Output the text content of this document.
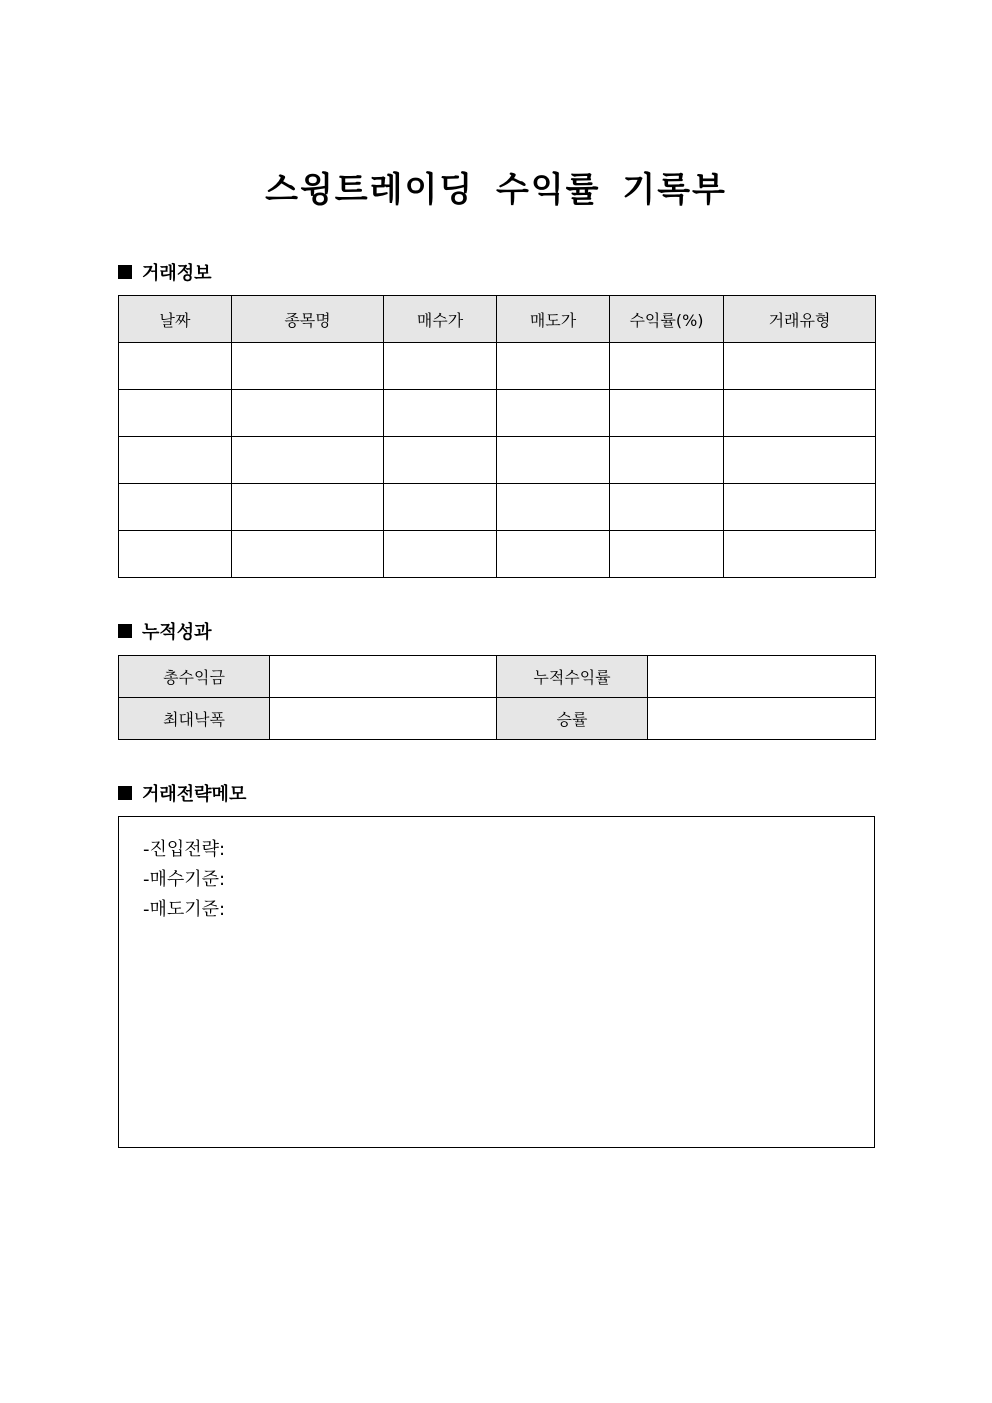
스윙트레이딩 수익률 기록부
거래정보
날짜	종목명	매수가	매도가	수익률(%)	거래유형

누적성과
총수익금		누적수익률	
최대낙폭		승률	
거래전략메모
-진입전략:
-매수기준:
-매도기준:
